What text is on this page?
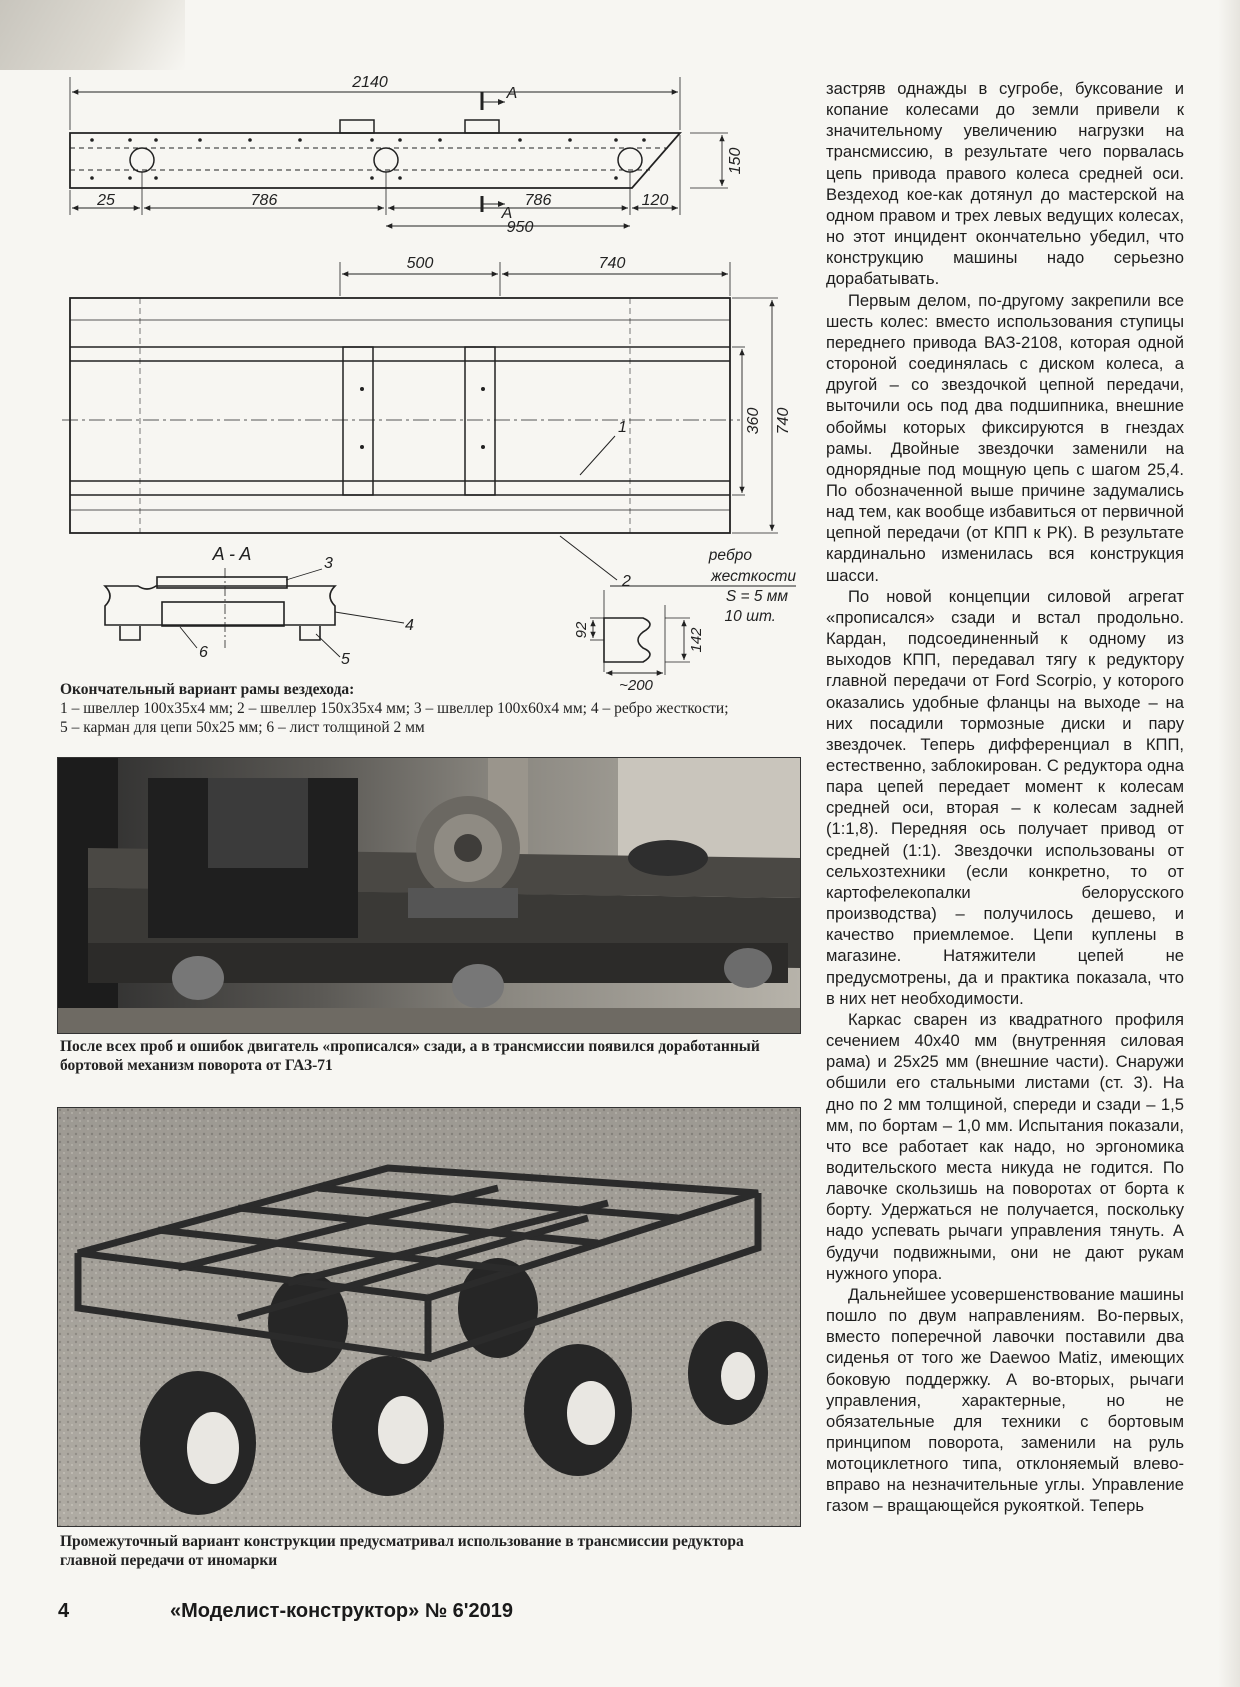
2140
A
25	786	786	120
A
950
150
500	740
360 740
1
2
A - A	3
4
5
6
ребро
жесткости
S = 5 мм
10 шт.
92	142
~200
Окончательный вариант рамы вездехода:
1 – швеллер 100х35х4 мм; 2 – швеллер 150х35х4 мм; 3 – швеллер 100х60х4 мм; 4 – ребро жесткости;
5 – карман для цепи 50х25 мм; 6 – лист толщиной 2 мм
После всех проб и ошибок двигатель «прописался» сзади, а в трансмиссии появился доработанный бортовой механизм поворота от ГАЗ-71
Промежуточный вариант конструкции предусматривал использование в трансмиссии редуктора главной передачи от иномарки

застряв однажды в сугробе, буксование и копание колесами до земли привели к значительному увеличению нагрузки на трансмиссию, в результате чего порвалась цепь привода правого колеса средней оси. Вездеход кое-как дотянул до мастерской на одном правом и трех левых ведущих колесах, но этот инцидент окончательно убедил, что конструкцию машины надо серьезно дорабатывать.

Первым делом, по-другому закрепили все шесть колес: вместо использования ступицы переднего привода ВАЗ-2108, которая одной стороной соединялась с диском колеса, а другой – со звездочкой цепной передачи, выточили ось под два подшипника, внешние обоймы которых фиксируются в гнездах рамы. Двойные звездочки заменили на однорядные под мощную цепь с шагом 25,4. По обозначенной выше причине задумались над тем, как вообще избавиться от первичной цепной передачи (от КПП к РК). В результате кардинально изменилась вся конструкция шасси.

По новой концепции силовой агрегат «прописался» сзади и встал продольно. Кардан, подсоединенный к одному из выходов КПП, передавал тягу к редуктору главной передачи от Ford Scorpio, у которого оказались удобные фланцы на выходе – на них посадили тормозные диски и пару звездочек. Теперь дифференциал в КПП, естественно, заблокирован. С редуктора одна пара цепей передает момент к колесам средней оси, вторая – к колесам задней (1:1,8). Передняя ось получает привод от средней (1:1). Звездочки использованы от сельхозтехники (если конкретно, то от картофелекопалки белорусского производства) – получилось дешево, и качество приемлемое. Цепи куплены в магазине. Натяжители цепей не предусмотрены, да и практика показала, что в них нет необходимости.

Каркас сварен из квадратного профиля сечением 40х40 мм (внутренняя силовая рама) и 25х25 мм (внешние части). Снаружи обшили его стальными листами (ст. 3). На дно по 2 мм толщиной, спереди и сзади – 1,5 мм, по бортам – 1,0 мм. Испытания показали, что все работает как надо, но эргономика водительского места никуда не годится. По лавочке скользишь на поворотах от борта к борту. Удержаться не получается, поскольку надо успевать рычаги управления тянуть. А будучи подвижными, они не дают рукам нужного упора.

Дальнейшее усовершенствование машины пошло по двум направлениям. Во-первых, вместо поперечной лавочки поставили два сиденья от того же Daewoo Matiz, имеющих боковую поддержку. А во-вторых, рычаги управления, характерные, но не обязательные для техники с бортовым принципом поворота, заменили на руль мотоциклетного типа, отклоняемый влево-вправо на незначительные углы. Управление газом – вращающейся рукояткой. Теперь

4	«Моделист-конструктор» № 6'2019
